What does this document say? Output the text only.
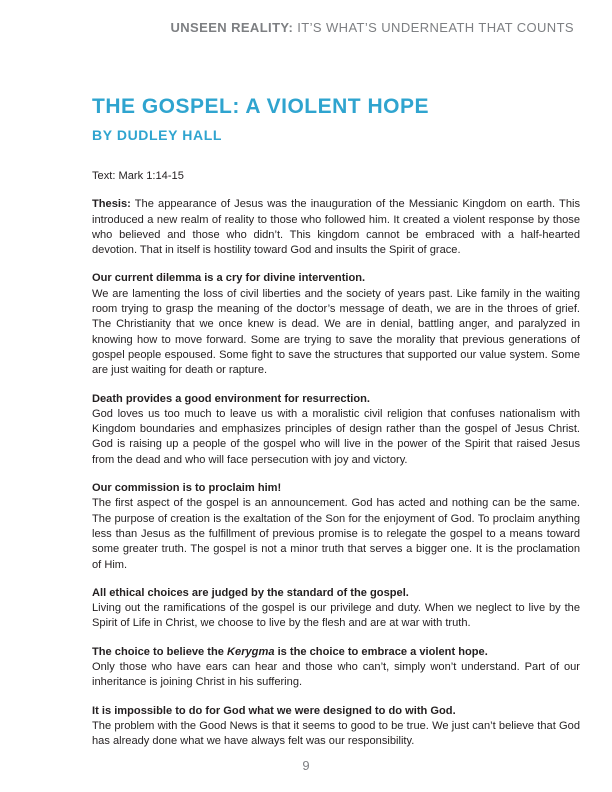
UNSEEN REALITY: IT’S WHAT’S UNDERNEATH THAT COUNTS
THE GOSPEL: A VIOLENT HOPE
BY DUDLEY HALL

Text: Mark 1:14-15

Thesis: The appearance of Jesus was the inauguration of the Messianic Kingdom on earth. This introduced a new realm of reality to those who followed him. It created a violent response by those who believed and those who didn’t. This kingdom cannot be embraced with a half-hearted devotion. That in itself is hostility toward God and insults the Spirit of grace.

Our current dilemma is a cry for divine intervention.
We are lamenting the loss of civil liberties and the society of years past. Like family in the waiting room trying to grasp the meaning of the doctor’s message of death, we are in the throes of grief. The Christianity that we once knew is dead. We are in denial, battling anger, and paralyzed in knowing how to move forward. Some are trying to save the morality that previous generations of gospel people espoused. Some fight to save the structures that supported our value system. Some are just waiting for death or rapture.

Death provides a good environment for resurrection.
God loves us too much to leave us with a moralistic civil religion that confuses nationalism with Kingdom boundaries and emphasizes principles of design rather than the gospel of Jesus Christ. God is raising up a people of the gospel who will live in the power of the Spirit that raised Jesus from the dead and who will face persecution with joy and victory.

Our commission is to proclaim him!
The first aspect of the gospel is an announcement. God has acted and nothing can be the same. The purpose of creation is the exaltation of the Son for the enjoyment of God. To proclaim anything less than Jesus as the fulfillment of previous promise is to relegate the gospel to a means toward some greater truth. The gospel is not a minor truth that serves a bigger one. It is the proclamation of Him.

All ethical choices are judged by the standard of the gospel.
Living out the ramifications of the gospel is our privilege and duty. When we neglect to live by the Spirit of Life in Christ, we choose to live by the flesh and are at war with truth.

The choice to believe the Kerygma is the choice to embrace a violent hope.
Only those who have ears can hear and those who can’t, simply won’t understand. Part of our inheritance is joining Christ in his suffering.

It is impossible to do for God what we were designed to do with God.
The problem with the Good News is that it seems to good to be true. We just can’t believe that God has already done what we have always felt was our responsibility.

9
